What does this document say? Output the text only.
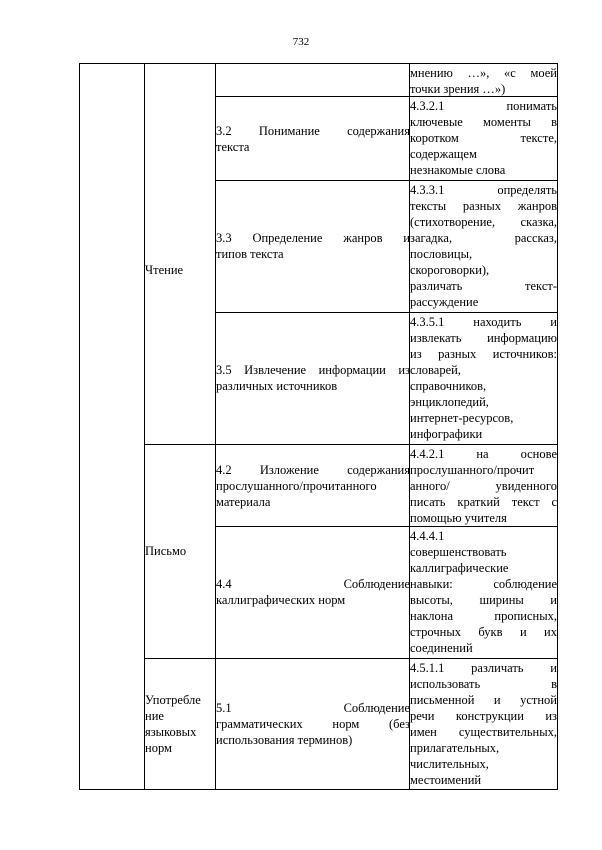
732
мнению …», «с моей
точки зрения …»)
Чтение
3.2 Понимание содержания
текста
4.3.2.1 понимать
ключевые моменты в
коротком тексте,
содержащем
незнакомые слова
3.3 Определение жанров и
типов текста
4.3.3.1 определять
тексты разных жанров
(стихотворение, сказка,
загадка, рассказ,
пословицы,
скороговорки),
различать текст-
рассуждение
3.5 Извлечение информации из
различных источников
4.3.5.1 находить и
извлекать информацию
из разных источников:
словарей,
справочников,
энциклопедий,
интернет-ресурсов,
инфографики
Письмо
4.2 Изложение содержания
прослушанного/прочитанного
материала
4.4.2.1 на основе
прослушанного/прочит
анного/ увиденного
писать краткий текст с
помощью учителя
4.4 Соблюдение
каллиграфических норм
4.4.4.1
совершенствовать
каллиграфические
навыки: соблюдение
высоты, ширины и
наклона прописных,
строчных букв и их
соединений
Употребле
ние
языковых
норм
5.1 Соблюдение
грамматических норм (без
использования терминов)
4.5.1.1 различать и
использовать в
письменной и устной
речи конструкции из
имен существительных,
прилагательных,
числительных,
местоимений
